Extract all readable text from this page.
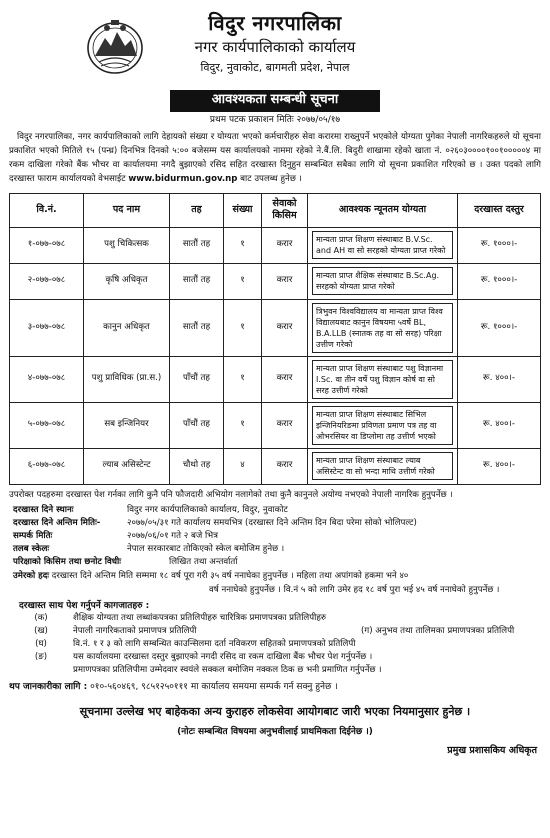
विदुर नगरपालिका
नगर कार्यपालिकाको कार्यालय
विदुर, नुवाकोट, बागमती प्रदेश, नेपाल
आवश्यकता सम्बन्धी सूचना
प्रथम पटक प्रकाशन मितिः २०७७/०५/१७

विदुर नगरपालिका, नगर कार्यपालिकाको लागि देहायको संख्या र योग्यता भएको कर्मचारीहरु सेवा करारमा राख्नुपर्ने भएकोले योग्यता पुगेका नेपाली नागरिकहरुले यो सूचना प्रकाशित भएको मितिले १५ (पन्ध्र) दिनभित्र दिनको ५:०० बजेसम्म यस कार्यालयको नाममा रहेको ने.बैं.लि. बिदुरी शाखामा रहेको खाता नं. ०२६०३००००१००१०००००४ मा रकम दाखिला गरेको बैंक भौचर वा कार्यालयमा नगदै बुझाएको रसिद सहित दरखास्त दिनुहुन सम्बन्धित सबैका लागि यो सूचना प्रकाशित गरिएको छ । उक्त पदको लागि दरखास्त फाराम कार्यालयको वेभसाईट www.bidurmun.gov.np बाट उपलब्ध हुनेछ ।

वि.नं.	पद नाम	तह	संख्या	सेवाको किसिम	आवश्यक न्यूनतम योग्यता	दरखास्त दस्तुर
१-०७७-०७८	पशु चिकित्सक	सातौं तह	१	करार	मान्यता प्राप्त शिक्षण संस्थाबाट B.V.Sc. and AH वा सो सरहको योग्यता प्राप्त गरेको	रू. १०००।-
२-०७७-०७८	कृषि अधिकृत	सातौं तह	१	करार	मान्यता प्राप्त शैक्षिक संस्थाबाट B.Sc.Ag. सरहको योग्यता प्राप्त गरेको	रू. १०००।-
३-०७७-०७८	कानुन अधिकृत	सातौं तह	१	करार	त्रिभुवन विश्वविद्यालय वा मान्यता प्राप्त विश्व विद्यालयबाट कानुन विषयमा ५वर्षे BL, B.A.LLB (स्नातक तह वा सो सरह) परिक्षा उत्तीण गरेको	रू. १०००।-
४-०७७-०७८	पशु प्राविधिक (प्रा.स.)	पाँचौं तह	१	करार	मान्यता प्राप्त शिक्षण संस्थाबाट पशु विज्ञानमा I.Sc. वा तीन वर्षे पशु विज्ञान कोर्ष वा सो सरह उत्तीर्ण गरेको	रू. ४००।-
५-०७७-०७८	सब इन्जिनियर	पाँचौं तह	१	करार	मान्यता प्राप्त शिक्षण संस्थाबाट सिभिल इन्जिनियरिङमा प्रविणता प्रमाण पत्र तह वा ओभरसियर वा डिप्लोमा तह उत्तीर्ण भएको	रू. ४००।-
६-०७७-०७८	ल्याब असिस्टेन्ट	चौथो तह	४	करार	मान्यता प्राप्त शिक्षण संस्थाबाट ल्याब असिस्टेन्ट वा सो भन्दा माथि उत्तीर्ण गरेको	रू. ४००।-

उपरोक्त पदहरुमा दरखास्त पेश गर्नका लागि कुनै पनि फौजदारी अभियोग नलागेको तथा कुनै कानुनले अयोग्य नभएको नेपाली नागरिक हुनुपर्नेछ ।

दरखास्त दिने स्थानः	विदुर नगर कार्यपालिकाको कार्यालय, विदुर, नुवाकोट
दरखास्त दिने अन्तिम मितिः-	२०७७/०५/३१ गते कार्यालय समयभित्र (दरखास्त दिने अन्तिम दिन बिदा परेमा सोको भोलिपल्ट)
सम्पर्क मितिः	२०७७/०६/०१ गते २ बजे भित्र
तलब स्केलः	नेपाल सरकारबाट तोकिएको स्केल बमोजिम हुनेछ ।
परिक्षाको किसिम तथा छनोट विधीः	लिखित तथा अन्तर्वार्ता
उमेरको हदः दरखास्त दिने अन्तिम मिति सम्ममा १८ वर्ष पूरा गरी ३५ वर्ष ननाघेका हुनुपर्नेछ । महिला तथा अपांगको हकमा भने ४०
वर्ष ननाघेको हुनुपर्नेछ । वि.नं ५ को लागि उमेर हद १८ वर्ष पुरा भई ४५ वर्ष ननाघेको हुनुपर्नेछ ।
दरखास्त साथ पेश गर्नुपर्ने कागजातहरु :
(क)	शैक्षिक योग्यता तथा लब्धांकपत्रका प्रतिलिपीहरु चारित्रिक प्रमाणपत्रका प्रतिलिपीहरु
(ख)	नेपाली नागरिकताको प्रमाणपत्र प्रतिलिपी	(ग) अनुभव तथा तालिमका प्रमाणपत्रका प्रतिलिपी
(घ)	वि.नं. १ र ३ को लागि सम्बन्धित काउन्सिलमा दर्ता नविकरण सहितको प्रमाणपत्रको प्रतिलिपी
(ङ)	यस कार्यालयमा दरखास्त दस्तुर बुझाएको नगदी रसिद वा रकम दाखिला बैंक भौचर पेश गर्नुपर्नेछ ।
प्रमाणपत्रका प्रतिलिपीमा उम्मेदवार स्वयंले सक्कल बमोजिम नक्कल ठिक छ भनी प्रमाणित गर्नुपर्नेछ ।
थप जानकारीका लागि : ०१०-५६०४६९, ९८५१२५०१११ मा कार्यालय समयमा सम्पर्क गर्न सक्नु हुनेछ ।
सूचनामा उल्लेख भए बाहेकका अन्य कुराहरु लोकसेवा आयोगबाट जारी भएका नियमानुसार हुनेछ ।
(नोटः सम्बन्धित विषयमा अनुभवीलाई प्राथमिकता दिईनेछ ।)
प्रमुख प्रशासकिय अधिकृत
